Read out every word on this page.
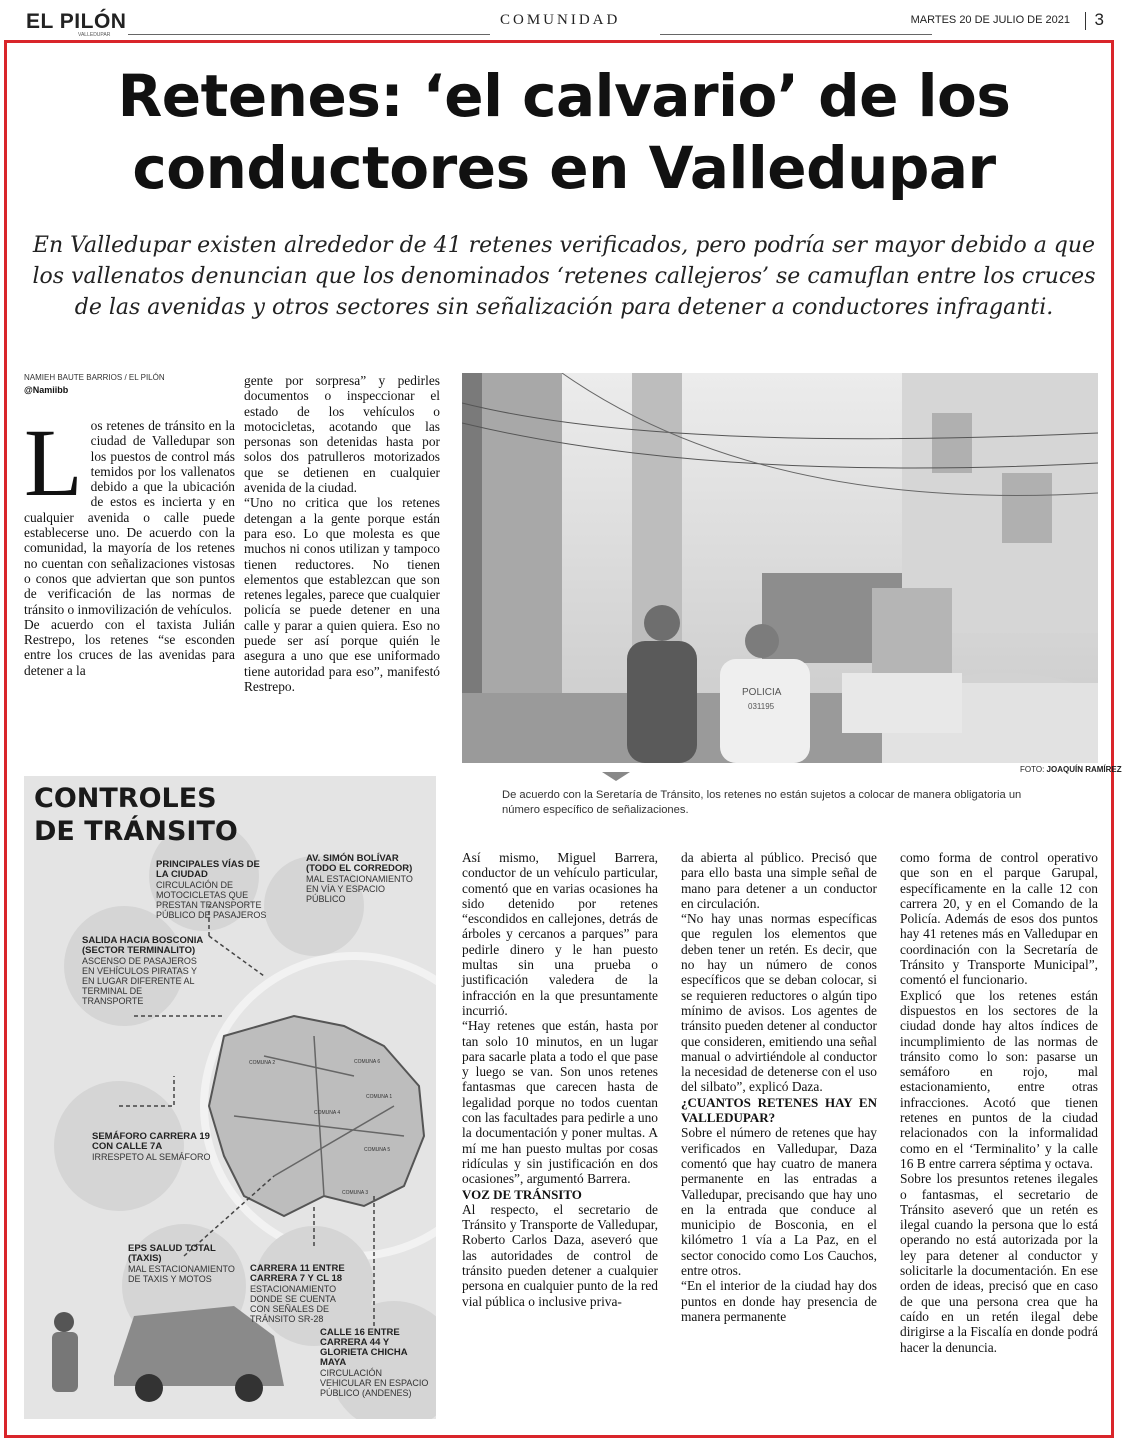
EL PILÓN
VALLEDUPAR
COMUNIDAD	MARTES 20 DE JULIO DE 2021 3
Retenes: ‘el calvario’ de los conductores en Valledupar

En Valledupar existen alrededor de 41 retenes verificados, pero podría ser mayor debido a que los vallenatos denuncian que los denominados ‘retenes callejeros’ se camuflan entre los cruces de las avenidas y otros sectores sin señalización para detener a conductores infraganti.

NAMIEH BAUTE BARRIOS / EL PILÓN
@Namiibb
L os retenes de tránsito en la ciudad de Valledupar son los puestos de control más temidos por los vallenatos debido a que la ubicación de estos es incierta y en cualquier avenida o calle puede establecerse uno. De acuerdo con la comunidad, la mayoría de los retenes no cuentan con señalizaciones vistosas o conos que adviertan que son puntos de verificación de las normas de tránsito o inmovilización de vehículos.

De acuerdo con el taxista Julián Restrepo, los retenes “se esconden entre los cruces de las avenidas para detener a la

gente por sorpresa” y pedirles documentos o inspeccionar el estado de los vehículos o motocicletas, acotando que las personas son detenidas hasta por solos dos patrulleros motorizados que se detienen en cualquier avenida de la ciudad.

“Uno no critica que los retenes detengan a la gente porque están para eso. Lo que molesta es que muchos ni conos utilizan y tampoco tienen reductores. No tienen elementos que establezcan que son retenes legales, parece que cualquier policía se puede detener en una calle y parar a quien quiera. Eso no puede ser así porque quién le asegura a uno que ese uniformado tiene autoridad para eso”, manifestó Restrepo.	POLICIA
031195
FOTO: JOAQUÍN RAMÍREZ
De acuerdo con la Seretaría de Tránsito, los retenes no están sujetos a colocar de manera obligatoria un número específico de señalizaciones.
COMUNA 2	COMUNA 6
COMUNA 1
COMUNA 4
COMUNA 5
COMUNA 3
CONTROLES
DE TRÁNSITO
PRINCIPALES VÍAS DE LA CIUDAD
CIRCULACIÓN DE MOTOCICLETAS QUE PRESTAN TRANSPORTE PÚBLICO DE PASAJEROS
AV. SIMÓN BOLÍVAR (TODO EL CORREDOR)
MAL ESTACIONAMIENTO EN VÍA Y ESPACIO PÚBLICO
SALIDA HACIA BOSCONIA (SECTOR TERMINALITO)
ASCENSO DE PASAJEROS EN VEHÍCULOS PIRATAS Y EN LUGAR DIFERENTE AL TERMINAL DE TRANSPORTE
SEMÁFORO CARRERA 19 CON CALLE 7A
IRRESPETO AL SEMÁFORO
EPS SALUD TOTAL (TAXIS)
MAL ESTACIONAMIENTO DE TAXIS Y MOTOS
CARRERA 11 ENTRE CARRERA 7 Y CL 18
ESTACIONAMIENTO DONDE SE CUENTA CON SEÑALES DE TRÁNSITO SR-28
CALLE 16 ENTRE CARRERA 44 Y GLORIETA CHICHA MAYA
CIRCULACIÓN VEHICULAR EN ESPACIO PÚBLICO (ANDENES)

Así mismo, Miguel Barrera, conductor de un vehículo particular, comentó que en varias ocasiones ha sido detenido por retenes “escondidos en callejones, detrás de árboles y cercanos a parques” para pedirle dinero y le han puesto multas sin una prueba o justificación valedera de la infracción en la que presuntamente incurrió.

“Hay retenes que están, hasta por tan solo 10 minutos, en un lugar para sacarle plata a todo el que pase y luego se van. Son unos retenes fantasmas que carecen hasta de legalidad porque no todos cuentan con las facultades para pedirle a uno la documentación y poner multas. A mí me han puesto multas por cosas ridículas y sin justificación en dos ocasiones”, argumentó Barrera.

VOZ DE TRÁNSITO

Al respecto, el secretario de Tránsito y Transporte de Valledupar, Roberto Carlos Daza, aseveró que las autoridades de control de tránsito pueden detener a cualquier persona en cualquier punto de la red vial pública o inclusive priva-

da abierta al público. Precisó que para ello basta una simple señal de mano para detener a un conductor en circulación.

“No hay unas normas específicas que regulen los elementos que deben tener un retén. Es decir, que no hay un número de conos específicos que se deban colocar, si se requieren reductores o algún tipo mínimo de avisos. Los agentes de tránsito pueden detener al conductor que consideren, emitiendo una señal manual o advirtiéndole al conductor la necesidad de detenerse con el uso del silbato”, explicó Daza.

¿CUANTOS RETENES HAY EN VALLEDUPAR?

Sobre el número de retenes que hay verificados en Valledupar, Daza comentó que hay cuatro de manera permanente en las entradas a Valledupar, precisando que hay uno en la entrada que conduce al municipio de Bosconia, en el kilómetro 1 vía a La Paz, en el sector conocido como Los Cauchos, entre otros.

“En el interior de la ciudad hay dos puntos en donde hay presencia de manera permanente

como forma de control operativo que son en el parque Garupal, específicamente en la calle 12 con carrera 20, y en el Comando de la Policía. Además de esos dos puntos hay 41 retenes más en Valledupar en coordinación con la Secretaría de Tránsito y Transporte Municipal”, comentó el funcionario.

Explicó que los retenes están dispuestos en los sectores de la ciudad donde hay altos índices de incumplimiento de las normas de tránsito como lo son: pasarse un semáforo en rojo, mal estacionamiento, entre otras infracciones. Acotó que tienen retenes en puntos de la ciudad relacionados con la informalidad como en el ‘Terminalito’ y la calle 16 B entre carrera séptima y octava.

Sobre los presuntos retenes ilegales o fantasmas, el secretario de Tránsito aseveró que un retén es ilegal cuando la persona que lo está operando no está autorizada por la ley para detener al conductor y solicitarle la documentación. En ese orden de ideas, precisó que en caso de que una persona crea que ha caído en un retén ilegal debe dirigirse a la Fiscalía en donde podrá hacer la denuncia.
